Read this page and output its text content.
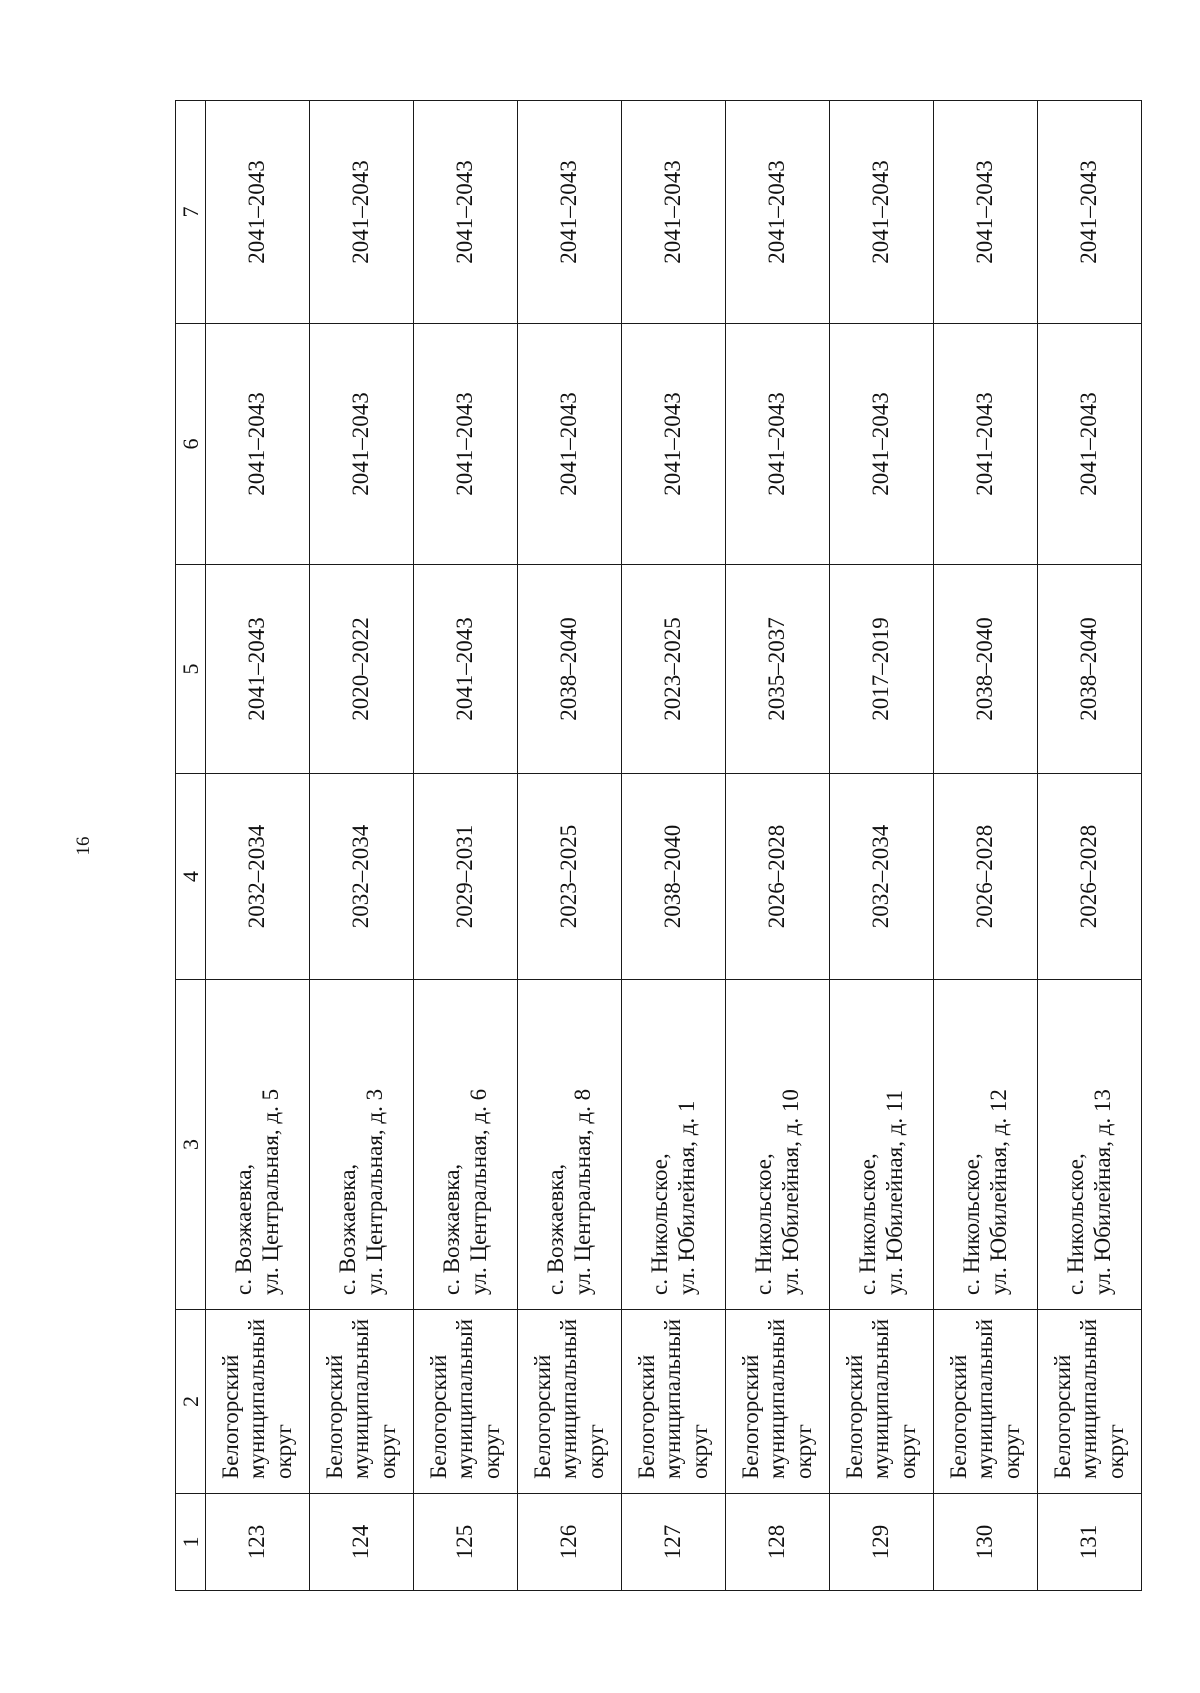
16
1	2	3	4	5	6	7
123	Белогорский муниципальный округ	с. Возжаевка, ул. Центральная, д. 5	2032–2034	2041–2043	2041–2043	2041–2043
124	Белогорский муниципальный округ	с. Возжаевка, ул. Центральная, д. 3	2032–2034	2020–2022	2041–2043	2041–2043
125	Белогорский муниципальный округ	с. Возжаевка, ул. Центральная, д. 6	2029–2031	2041–2043	2041–2043	2041–2043
126	Белогорский муниципальный округ	с. Возжаевка, ул. Центральная, д. 8	2023–2025	2038–2040	2041–2043	2041–2043
127	Белогорский муниципальный округ	с. Никольское, ул. Юбилейная, д. 1	2038–2040	2023–2025	2041–2043	2041–2043
128	Белогорский муниципальный округ	с. Никольское, ул. Юбилейная, д. 10	2026–2028	2035–2037	2041–2043	2041–2043
129	Белогорский муниципальный округ	с. Никольское, ул. Юбилейная, д. 11	2032–2034	2017–2019	2041–2043	2041–2043
130	Белогорский муниципальный округ	с. Никольское, ул. Юбилейная, д. 12	2026–2028	2038–2040	2041–2043	2041–2043
131	Белогорский муниципальный округ	с. Никольское, ул. Юбилейная, д. 13	2026–2028	2038–2040	2041–2043	2041–2043
